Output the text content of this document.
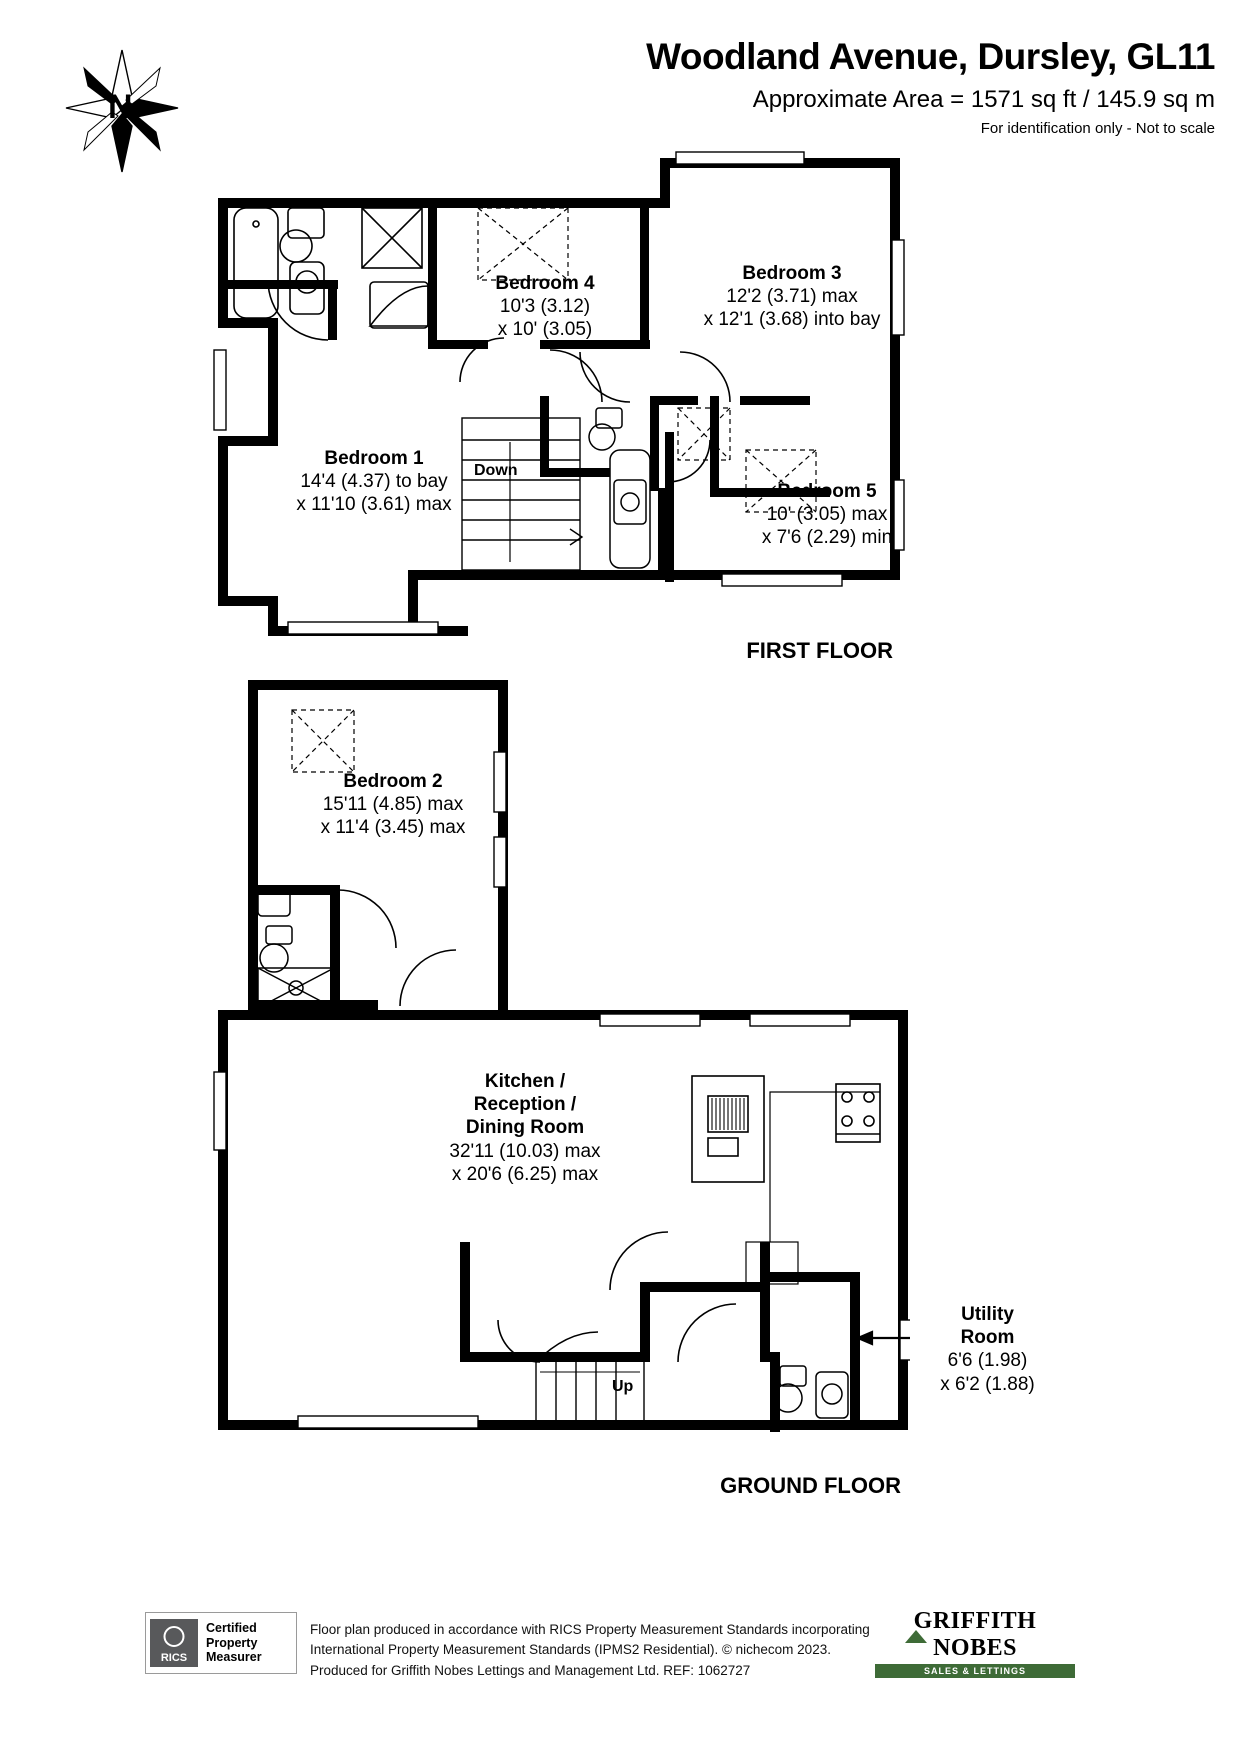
Woodland Avenue, Dursley, GL11
Approximate Area = 1571 sq ft / 145.9 sq m
For identification only - Not to scale
N
Bedroom 4
10'3 (3.12)
x 10' (3.05)
Bedroom 3
12'2 (3.71) max
x 12'1 (3.68) into bay
Bedroom 1
14'4 (4.37) to bay
x 11'10 (3.61) max
Bedroom 5
10' (3.05) max
x 7'6 (2.29) min
Down
FIRST FLOOR
Bedroom 2
15'11 (4.85) max
x 11'4 (3.45) max
Kitchen /
Reception /
Dining Room
32'11 (10.03) max
x 20'6 (6.25) max
Utility
Room
6'6 (1.98)
x 6'2 (1.88)
Up
GROUND FLOOR
RICS
Certified
Property
Measurer
Floor plan produced in accordance with RICS Property Measurement Standards incorporating
International Property Measurement Standards (IPMS2 Residential). © nichecom 2023.
Produced for Griffith Nobes Lettings and Management Ltd. REF: 1062727
GRIFFITH
NOBES
SALES & LETTINGS
